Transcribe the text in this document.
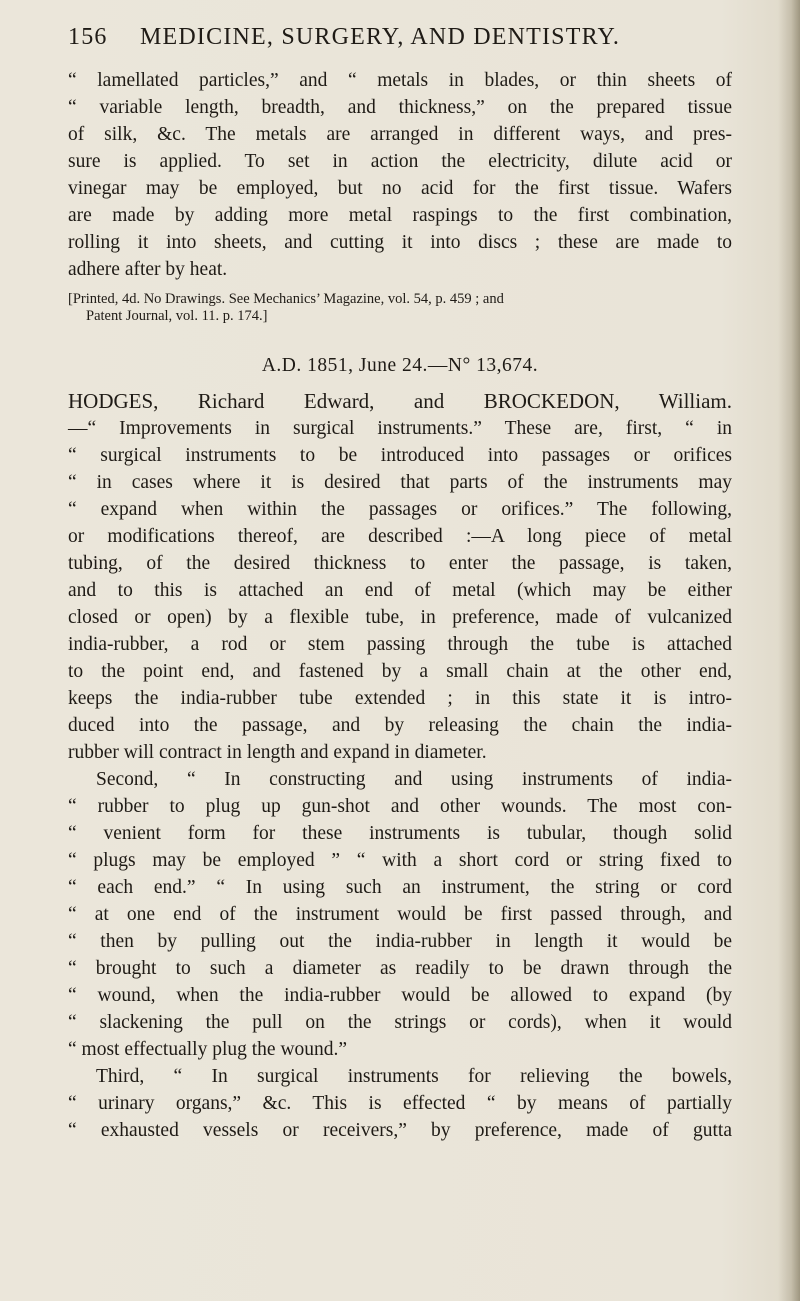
156	MEDICINE, SURGERY, AND DENTISTRY.

“ lamellated particles,” and “ metals in blades, or thin sheets of
“ variable length, breadth, and thickness,” on the prepared tissue
of silk, &c. The metals are arranged in different ways, and pres-
sure is applied. To set in action the electricity, dilute acid or
vinegar may be employed, but no acid for the first tissue. Wafers
are made by adding more metal raspings to the first combination,
rolling it into sheets, and cutting it into discs ; these are made to
adhere after by heat.

[Printed, 4d. No Drawings. See Mechanics’ Magazine, vol. 54, p. 459 ; and
Patent Journal, vol. 11. p. 174.]

A.D. 1851, June 24.—N° 13,674.

HODGES, Richard Edward, and BROCKEDON, William.
—“ Improvements in surgical instruments.” These are, first, “ in
“ surgical instruments to be introduced into passages or orifices
“ in cases where it is desired that parts of the instruments may
“ expand when within the passages or orifices.” The following,
or modifications thereof, are described :—A long piece of metal
tubing, of the desired thickness to enter the passage, is taken,
and to this is attached an end of metal (which may be either
closed or open) by a flexible tube, in preference, made of vulcanized
india-rubber, a rod or stem passing through the tube is attached
to the point end, and fastened by a small chain at the other end,
keeps the india-rubber tube extended ; in this state it is intro-
duced into the passage, and by releasing the chain the india-
rubber will contract in length and expand in diameter.

Second, “ In constructing and using instruments of india-
“ rubber to plug up gun-shot and other wounds. The most con-
“ venient form for these instruments is tubular, though solid
“ plugs may be employed ” “ with a short cord or string fixed to
“ each end.” “ In using such an instrument, the string or cord
“ at one end of the instrument would be first passed through, and
“ then by pulling out the india-rubber in length it would be
“ brought to such a diameter as readily to be drawn through the
“ wound, when the india-rubber would be allowed to expand (by
“ slackening the pull on the strings or cords), when it would
“ most effectually plug the wound.”

Third, “ In surgical instruments for relieving the bowels,
“ urinary organs,” &c. This is effected “ by means of partially
“ exhausted vessels or receivers,” by preference, made of gutta
